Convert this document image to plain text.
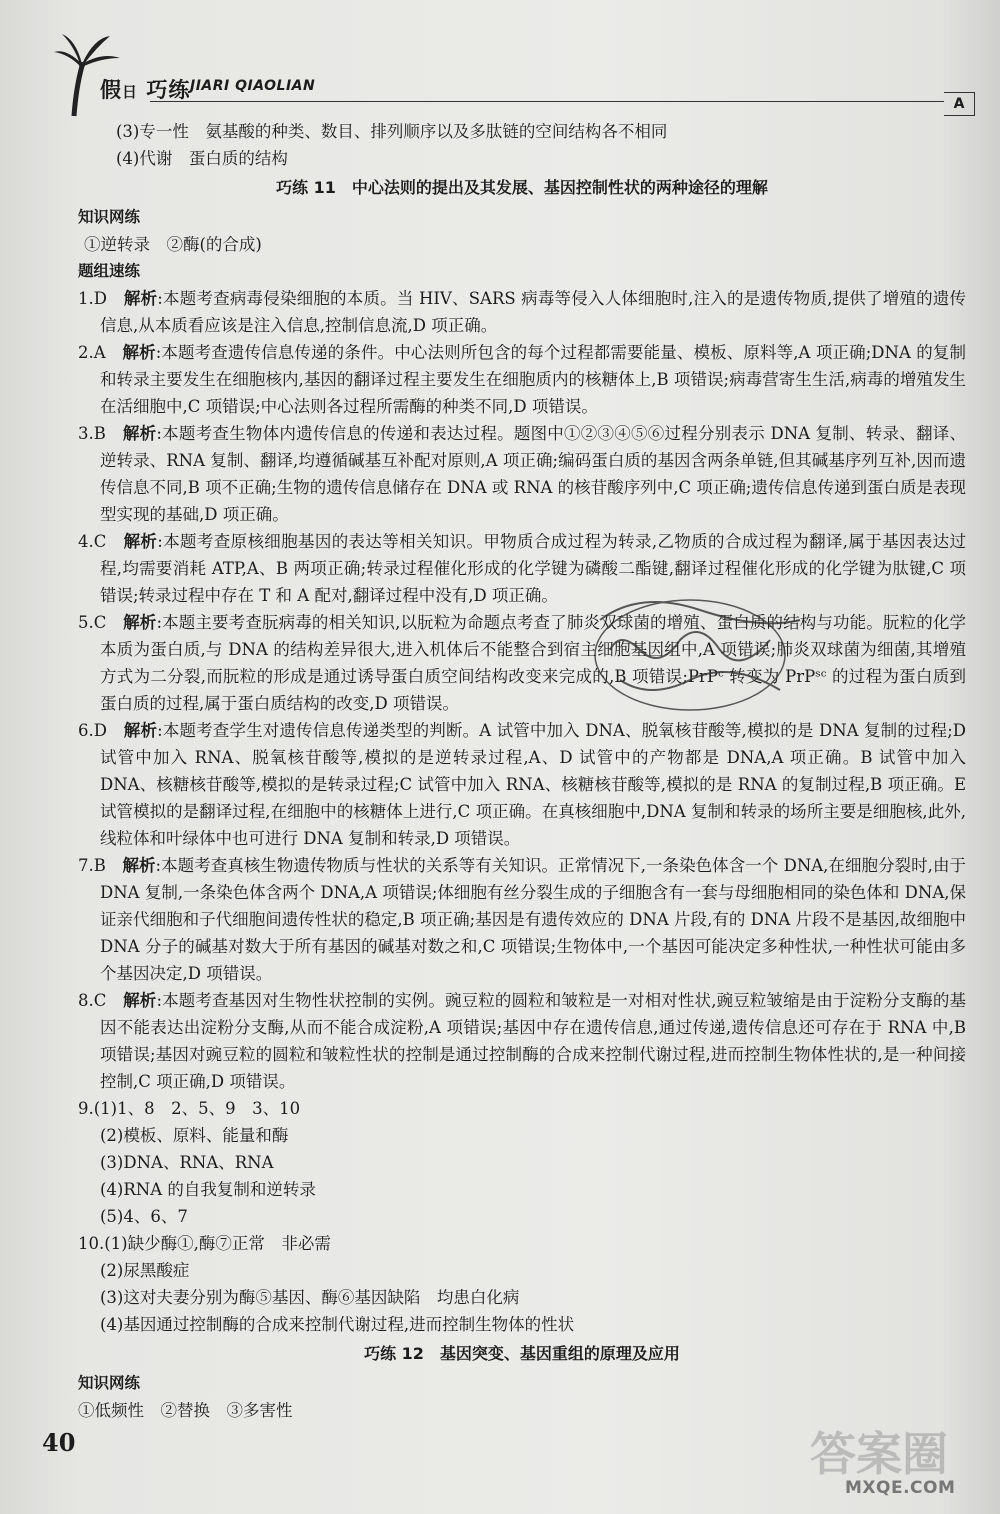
假日 巧练 JIARI QIAOLIAN
A
(3)专一性　氨基酸的种类、数目、排列顺序以及多肽链的空间结构各不相同
(4)代谢　蛋白质的结构
巧练 11　中心法则的提出及其发展、基因控制性状的两种途径的理解
知识网练
①逆转录　②酶(的合成)
题组速练
1.D　 解析:本题考查病毒侵染细胞的本质。当 HIV、SARS 病毒等侵入人体细胞时,注入的是遗传物质,提供了增殖的遗传信息,从本质看应该是注入信息,控制信息流,D 项正确。
2.A　 解析:本题考查遗传信息传递的条件。中心法则所包含的每个过程都需要能量、模板、原料等,A 项正确;DNA 的复制和转录主要发生在细胞核内,基因的翻译过程主要发生在细胞质内的核糖体上,B 项错误;病毒营寄生生活,病毒的增殖发生在活细胞中,C 项错误;中心法则各过程所需酶的种类不同,D 项错误。
3.B　 解析:本题考查生物体内遗传信息的传递和表达过程。题图中①②③④⑤⑥过程分别表示 DNA 复制、转录、翻译、逆转录、RNA 复制、翻译,均遵循碱基互补配对原则,A 项正确;编码蛋白质的基因含两条单链,但其碱基序列互补,因而遗传信息不同,B 项不正确;生物的遗传信息储存在 DNA 或 RNA 的核苷酸序列中,C 项正确;遗传信息传递到蛋白质是表现型实现的基础,D 项正确。
4.C　 解析:本题考查原核细胞基因的表达等相关知识。甲物质合成过程为转录,乙物质的合成过程为翻译,属于基因表达过程,均需要消耗 ATP,A、B 两项正确;转录过程催化形成的化学键为磷酸二酯键,翻译过程催化形成的化学键为肽键,C 项错误;转录过程中存在 T 和 A 配对,翻译过程中没有,D 项正确。
5.C　 解析:本题主要考查朊病毒的相关知识,以朊粒为命题点考查了肺炎双球菌的增殖、蛋白质的结构与功能。朊粒的化学本质为蛋白质,与 DNA 的结构差异很大,进入机体后不能整合到宿主细胞基因组中,A 项错误;肺炎双球菌为细菌,其增殖方式为二分裂,而朊粒的形成是通过诱导蛋白质空间结构改变来完成的,B 项错误;PrPᶜ 转变为 PrPˢᶜ 的过程为蛋白质到蛋白质的过程,属于蛋白质结构的改变,D 项错误。
6.D　 解析:本题考查学生对遗传信息传递类型的判断。A 试管中加入 DNA、脱氧核苷酸等,模拟的是 DNA 复制的过程;D 试管中加入 RNA、脱氧核苷酸等,模拟的是逆转录过程,A、D 试管中的产物都是 DNA,A 项正确。B 试管中加入 DNA、核糖核苷酸等,模拟的是转录过程;C 试管中加入 RNA、核糖核苷酸等,模拟的是 RNA 的复制过程,B 项正确。E 试管模拟的是翻译过程,在细胞中的核糖体上进行,C 项正确。在真核细胞中,DNA 复制和转录的场所主要是细胞核,此外,线粒体和叶绿体中也可进行 DNA 复制和转录,D 项错误。
7.B　 解析:本题考查真核生物遗传物质与性状的关系等有关知识。正常情况下,一条染色体含一个 DNA,在细胞分裂时,由于 DNA 复制,一条染色体含两个 DNA,A 项错误;体细胞有丝分裂生成的子细胞含有一套与母细胞相同的染色体和 DNA,保证亲代细胞和子代细胞间遗传性状的稳定,B 项正确;基因是有遗传效应的 DNA 片段,有的 DNA 片段不是基因,故细胞中 DNA 分子的碱基对数大于所有基因的碱基对数之和,C 项错误;生物体中,一个基因可能决定多种性状,一种性状可能由多个基因决定,D 项错误。
8.C　 解析:本题考查基因对生物性状控制的实例。豌豆粒的圆粒和皱粒是一对相对性状,豌豆粒皱缩是由于淀粉分支酶的基因不能表达出淀粉分支酶,从而不能合成淀粉,A 项错误;基因中存在遗传信息,通过传递,遗传信息还可存在于 RNA 中,B 项错误;基因对豌豆粒的圆粒和皱粒性状的控制是通过控制酶的合成来控制代谢过程,进而控制生物体性状的,是一种间接控制,C 项正确,D 项错误。
9.(1)1、8　2、5、9　3、10
(2)模板、原料、能量和酶
(3)DNA、RNA、RNA
(4)RNA 的自我复制和逆转录
(5)4、6、7
10.(1)缺少酶①,酶⑦正常　非必需
(2)尿黑酸症
(3)这对夫妻分别为酶⑤基因、酶⑥基因缺陷　均患白化病
(4)基因通过控制酶的合成来控制代谢过程,进而控制生物体的性状
巧练 12　基因突变、基因重组的原理及应用
知识网练
①低频性　②替换　③多害性
40	答案圈
MXQE.COM
